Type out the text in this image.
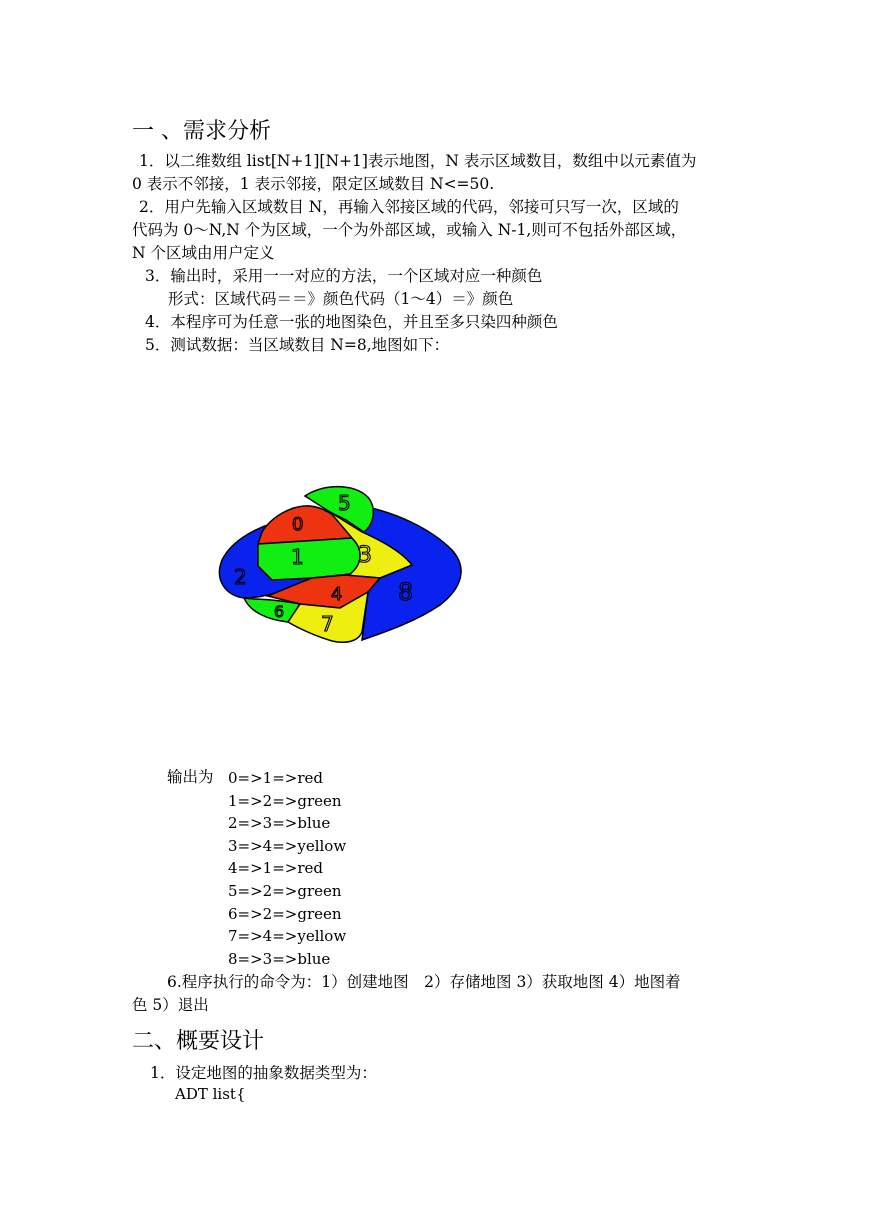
一 、需求分析
1．以二维数组 list[N+1][N+1]表示地图，N 表示区域数目，数组中以元素值为
0 表示不邻接，1 表示邻接，限定区域数目 N<=50.
2．用户先输入区域数目 N，再输入邻接区域的代码，邻接可只写一次，区域的
代码为 0～N,N 个为区域，一个为外部区域，或输入 N-1,则可不包括外部区域，
N 个区域由用户定义
3．输出时，采用一一对应的方法，一个区域对应一种颜色
形式：区域代码＝＝》颜色代码（1～4）＝》颜色
4．本程序可为任意一张的地图染色，并且至多只染四种颜色
5．测试数据：当区域数目 N=8,地图如下：
5
0
1 3
2
8
4
6
7
输出为 0=>1=>red
1=>2=>green
2=>3=>blue
3=>4=>yellow
4=>1=>red
5=>2=>green
6=>2=>green
7=>4=>yellow
8=>3=>blue
6.程序执行的命令为：1）创建地图　2）存储地图 3）获取地图 4）地图着
色 5）退出
二、概要设计
1．设定地图的抽象数据类型为：
ADT list{
